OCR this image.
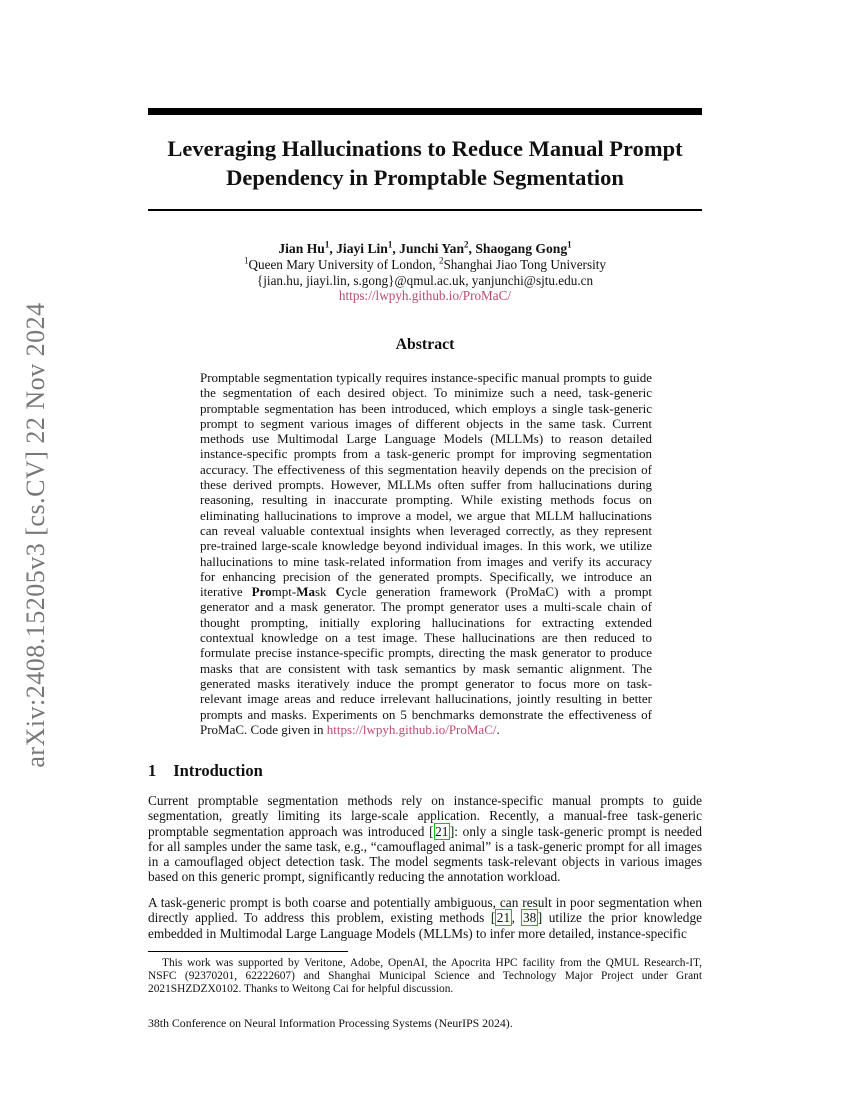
arXiv:2408.15205v3 [cs.CV] 22 Nov 2024
Leveraging Hallucinations to Reduce Manual Prompt
Dependency in Promptable Segmentation
Jian Hu$^1$, Jiayi Lin$^1$, Junchi Yan$^2$, Shaogang Gong$^1$
$^1$Queen Mary University of London, $^2$Shanghai Jiao Tong University
{jian.hu, jiayi.lin, s.gong}@qmul.ac.uk, yanjunchi@sjtu.edu.cn
https://lwpyh.github.io/ProMaC/
Abstract

Promptable segmentation typically requires instance-specific manual prompts to guide the segmentation of each desired object. To minimize such a need, task-generic promptable segmentation has been introduced, which employs a single task-generic prompt to segment various images of different objects in the same task. Current methods use Multimodal Large Language Models (MLLMs) to reason detailed instance-specific prompts from a task-generic prompt for improving segmentation accuracy. The effectiveness of this segmentation heavily depends on the precision of these derived prompts. However, MLLMs often suffer from hallucinations during reasoning, resulting in inaccurate prompting. While existing methods focus on eliminating hallucinations to improve a model, we argue that MLLM hallucinations can reveal valuable contextual insights when leveraged correctly, as they represent pre-trained large-scale knowledge beyond individual images. In this work, we utilize hallucinations to mine task-related information from images and verify its accuracy for enhancing precision of the generated prompts. Specifically, we introduce an iterative Prompt-Mask Cycle generation framework (ProMaC) with a prompt generator and a mask generator. The prompt generator uses a multi-scale chain of thought prompting, initially exploring hallucinations for extracting extended contextual knowledge on a test image. These hallucinations are then reduced to formulate precise instance-specific prompts, directing the mask generator to produce masks that are consistent with task semantics by mask semantic alignment. The generated masks iteratively induce the prompt generator to focus more on task-relevant image areas and reduce irrelevant hallucinations, jointly resulting in better prompts and masks. Experiments on 5 benchmarks demonstrate the effectiveness of ProMaC. Code given in https://lwpyh.github.io/ProMaC/.

1 Introduction

Current promptable segmentation methods rely on instance-specific manual prompts to guide segmentation, greatly limiting its large-scale application. Recently, a manual-free task-generic promptable segmentation approach was introduced [ 21 ]: only a single task-generic prompt is needed for all samples under the same task, e.g., “camouflaged animal” is a task-generic prompt for all images in a camouflaged object detection task. The model segments task-relevant objects in various images based on this generic prompt, significantly reducing the annotation workload.

A task-generic prompt is both coarse and potentially ambiguous, can result in poor segmentation when directly applied. To address this problem, existing methods [ 21 , 38 ] utilize the prior knowledge embedded in Multimodal Large Language Models (MLLMs) to infer more detailed, instance-specific

This work was supported by Veritone, Adobe, OpenAI, the Apocrita HPC facility from the QMUL Research-IT, NSFC (92370201, 62222607) and Shanghai Municipal Science and Technology Major Project under Grant 2021SHZDZX0102. Thanks to Weitong Cai for helpful discussion.

38th Conference on Neural Information Processing Systems (NeurIPS 2024).
